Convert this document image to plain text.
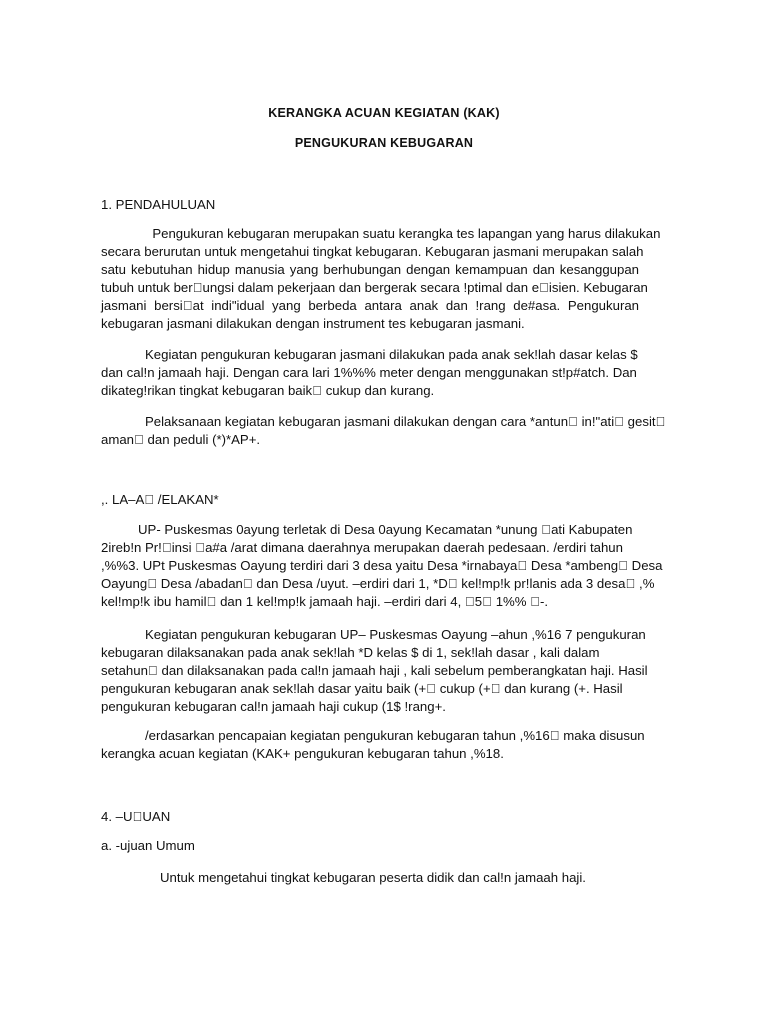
KERANGKA ACUAN KEGIATAN (KAK)
PENGUKURAN KEBUGARAN
1. PENDAHULUAN
Pengukuran kebugaran merupakan suatu kerangka tes lapangan yang harus dilakukan
secara berurutan untuk mengetahui tingkat kebugaran. Kebugaran jasmani merupakan salah
satu kebutuhan hidup manusia yang berhubungan dengan kemampuan dan kesanggupan
tubuh untuk ber ungsi dalam pekerjaan dan bergerak secara !ptimal dan e isien. Kebugaran
jasmani bersi at indi"idual yang berbeda antara anak dan !rang de#asa. Pengukuran
kebugaran jasmani dilakukan dengan instrument tes kebugaran jasmani.
Kegiatan pengukuran kebugaran jasmani dilakukan pada anak sek!lah dasar kelas $
dan cal!n jamaah haji. Dengan cara lari 1%%% meter dengan menggunakan st!p#atch. Dan
dikateg!rikan tingkat kebugaran baik  cukup dan kurang.
Pelaksanaan kegiatan kebugaran jasmani dilakukan dengan cara *antun  in!"ati  gesit 
aman  dan peduli (*)*AP+.
,. LA–A  /ELAKAN*
UP- Puskesmas 0ayung terletak di Desa 0ayung Kecamatan *unung  ati Kabupaten
2ireb!n Pr! insi  a#a /arat dimana daerahnya merupakan daerah pedesaan. /erdiri tahun
,%%3. UPt Puskesmas Oayung terdiri dari 3 desa yaitu Desa *irnabaya  Desa *ambeng  Desa
Oayung  Desa /abadan  dan Desa /uyut. –erdiri dari 1, *D  kel!mp!k pr!lanis ada 3 desa  ,%
kel!mp!k ibu hamil  dan 1 kel!mp!k jamaah haji. –erdiri dari 4,  5  1%%  -.
Kegiatan pengukuran kebugaran UP– Puskesmas Oayung –ahun ,%16 7 pengukuran
kebugaran dilaksanakan pada anak sek!lah *D kelas $ di 1, sek!lah dasar , kali dalam
setahun  dan dilaksanakan pada cal!n jamaah haji , kali sebelum pemberangkatan haji. Hasil
pengukuran kebugaran anak sek!lah dasar yaitu baik (+  cukup (+  dan kurang (+. Hasil
pengukuran kebugaran cal!n jamaah haji cukup (1$ !rang+.
/erdasarkan pencapaian kegiatan pengukuran kebugaran tahun ,%16  maka disusun
kerangka acuan kegiatan (KAK+ pengukuran kebugaran tahun ,%18.
4. –U UAN
a. -ujuan Umum
Untuk mengetahui tingkat kebugaran peserta didik dan cal!n jamaah haji.
